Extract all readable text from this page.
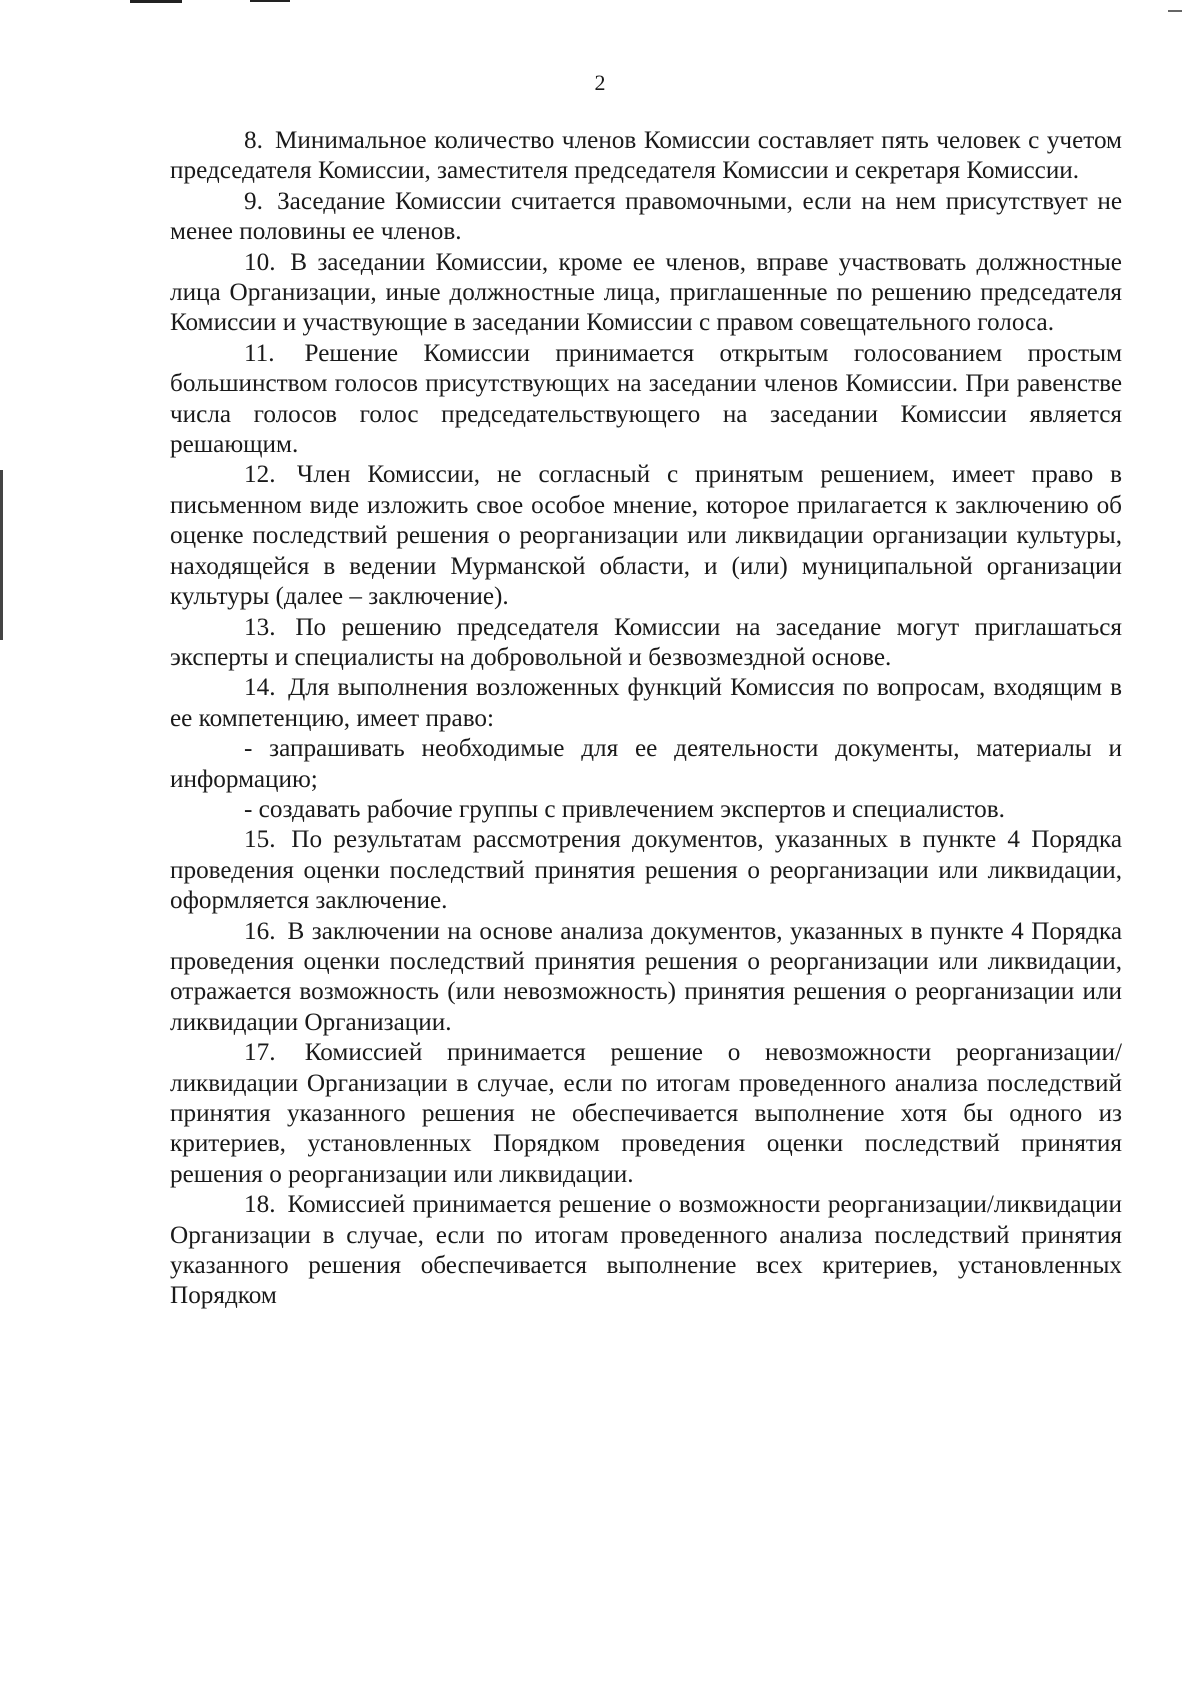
2

8. Минимальное количество членов Комиссии составляет пять человек с учетом председателя Комиссии, заместителя председателя Комиссии и секретаря Комиссии.

9. Заседание Комиссии считается правомочными, если на нем присутствует не менее половины ее членов.

10. В заседании Комиссии, кроме ее членов, вправе участвовать должностные лица Организации, иные должностные лица, приглашенные по решению председателя Комиссии и участвующие в заседании Комиссии с правом совещательного голоса.

11. Решение Комиссии принимается открытым голосованием простым большинством голосов присутствующих на заседании членов Комиссии. При равенстве числа голосов голос председательствующего на заседании Комиссии является решающим.

12. Член Комиссии, не согласный с принятым решением, имеет право в письменном виде изложить свое особое мнение, которое прилагается к заключению об оценке последствий решения о реорганизации или ликвидации организации культуры, находящейся в ведении Мурманской области, и (или) муниципальной организации культуры (далее – заключение).

13. По решению председателя Комиссии на заседание могут приглашаться эксперты и специалисты на добровольной и безвозмездной основе.

14. Для выполнения возложенных функций Комиссия по вопросам, входящим в ее компетенцию, имеет право:

- запрашивать необходимые для ее деятельности документы, материалы и информацию;

- создавать рабочие группы с привлечением экспертов и специалистов.

15. По результатам рассмотрения документов, указанных в пункте 4 Порядка проведения оценки последствий принятия решения о реорганизации или ликвидации, оформляется заключение.

16. В заключении на основе анализа документов, указанных в пункте 4 Порядка проведения оценки последствий принятия решения о реорганизации или ликвидации, отражается возможность (или невозможность) принятия решения о реорганизации или ликвидации Организации.

17. Комиссией принимается решение о невозможности реорганизации/ликвидации Организации в случае, если по итогам проведенного анализа последствий принятия указанного решения не обеспечивается выполнение хотя бы одного из критериев, установленных Порядком проведения оценки последствий принятия решения о реорганизации или ликвидации.

18. Комиссией принимается решение о возможности реорганизации/ликвидации Организации в случае, если по итогам проведенного анализа последствий принятия указанного решения обеспечивается выполнение всех критериев, установленных Порядком
